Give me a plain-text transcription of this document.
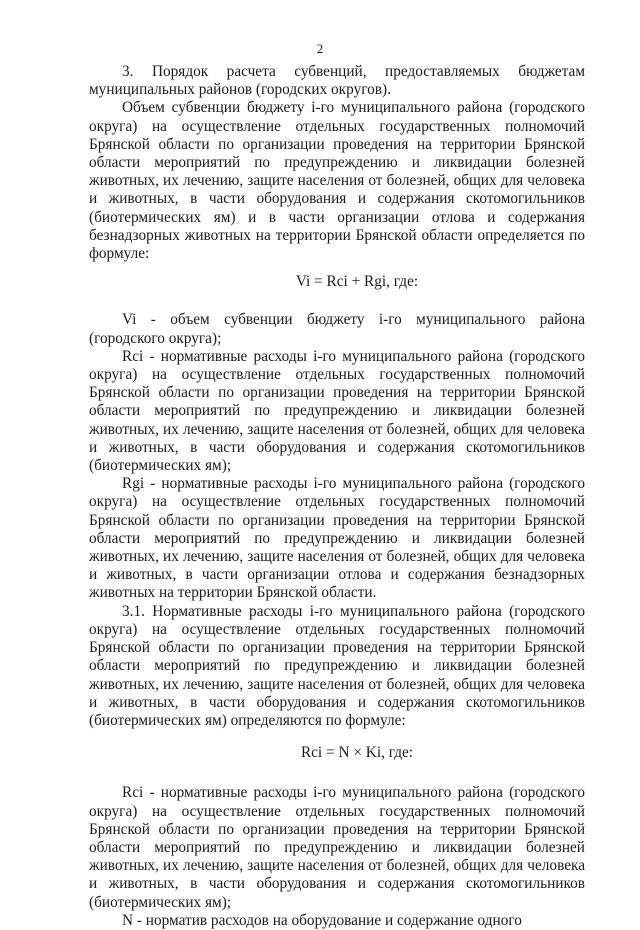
2

3. Порядок расчета субвенций, предоставляемых бюджетам муниципальных районов (городских округов).

Объем субвенции бюджету i-го муниципального района (городского округа) на осуществление отдельных государственных полномочий Брянской области по организации проведения на территории Брянской области мероприятий по предупреждению и ликвидации болезней животных, их лечению, защите населения от болезней, общих для человека и животных, в части оборудования и содержания скотомогильников (биотермических ям) и в части организации отлова и содержания безнадзорных животных на территории Брянской области определяется по формуле:

Vi = Rci + Rgi, где:

Vi - объем субвенции бюджету i-го муниципального района (городского округа);

Rci - нормативные расходы i-го муниципального района (городского округа) на осуществление отдельных государственных полномочий Брянской области по организации проведения на территории Брянской области мероприятий по предупреждению и ликвидации болезней животных, их лечению, защите населения от болезней, общих для человека и животных, в части оборудования и содержания скотомогильников (биотермических ям);

Rgi - нормативные расходы i-го муниципального района (городского округа) на осуществление отдельных государственных полномочий Брянской области по организации проведения на территории Брянской области мероприятий по предупреждению и ликвидации болезней животных, их лечению, защите населения от болезней, общих для человека и животных, в части организации отлова и содержания безнадзорных животных на территории Брянской области.

3.1. Нормативные расходы i-го муниципального района (городского округа) на осуществление отдельных государственных полномочий Брянской области по организации проведения на территории Брянской области мероприятий по предупреждению и ликвидации болезней животных, их лечению, защите населения от болезней, общих для человека и животных, в части оборудования и содержания скотомогильников (биотермических ям) определяются по формуле:

Rci = N × Ki, где:

Rci - нормативные расходы i-го муниципального района (городского округа) на осуществление отдельных государственных полномочий Брянской области по организации проведения на территории Брянской области мероприятий по предупреждению и ликвидации болезней животных, их лечению, защите населения от болезней, общих для человека и животных, в части оборудования и содержания скотомогильников (биотермических ям);

N - норматив расходов на оборудование и содержание одного
